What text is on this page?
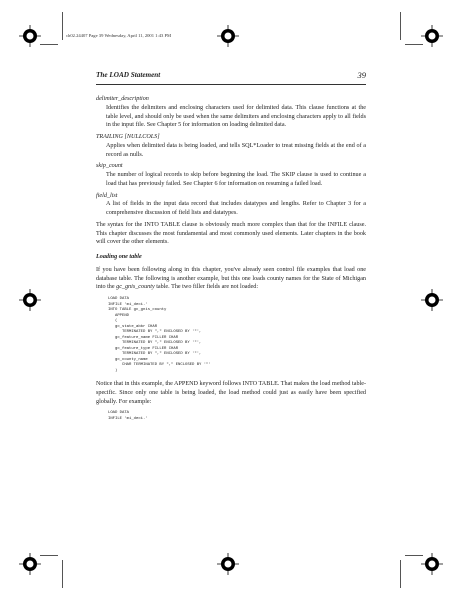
ch02.24407 Page 39 Wednesday, April 11, 2001 1:43 PM
The LOAD Statement	39

delimiter_description

Identifies the delimiters and enclosing characters used for delimited data. This clause functions at the table level, and should only be used when the same delimiters and enclosing characters apply to all fields in the input file. See Chapter 5 for information on loading delimited data.

TRAILING [NULLCOLS]

Applies when delimited data is being loaded, and tells SQL*Loader to treat missing fields at the end of a record as nulls.

skip_count

The number of logical records to skip before beginning the load. The SKIP clause is used to continue a load that has previously failed. See Chapter 6 for information on resuming a failed load.

field_list

A list of fields in the input data record that includes datatypes and lengths. Refer to Chapter 3 for a comprehensive discussion of field lists and datatypes.

The syntax for the INTO TABLE clause is obviously much more complex than that for the INFILE clause. This chapter discusses the most fundamental and most commonly used elements. Later chapters in the book will cover the other elements.

Loading one table

If you have been following along in this chapter, you've already seen control file examples that load one database table. The following is another example, but this one loads county names for the State of Michigan into the gc_gnis_county table. The two filler fields are not loaded:

LOAD DATA
INFILE 'mi_deci.'
INTO TABLE gc_gnis_county
APPEND
(
gc_state_abbr CHAR
TERMINATED BY "," ENCLOSED BY '"',
gc_feature_name FILLER CHAR
TERMINATED BY "," ENCLOSED BY '"',
gc_feature_type FILLER CHAR
TERMINATED BY "," ENCLOSED BY '"',
gc_county_name
CHAR TERMINATED BY "," ENCLOSED BY '"'
)

Notice that in this example, the APPEND keyword follows INTO TABLE. That makes the load method table-specific. Since only one table is being loaded, the load method could just as easily have been specified globally. For example:

LOAD DATA
INFILE 'mi_deci.'
